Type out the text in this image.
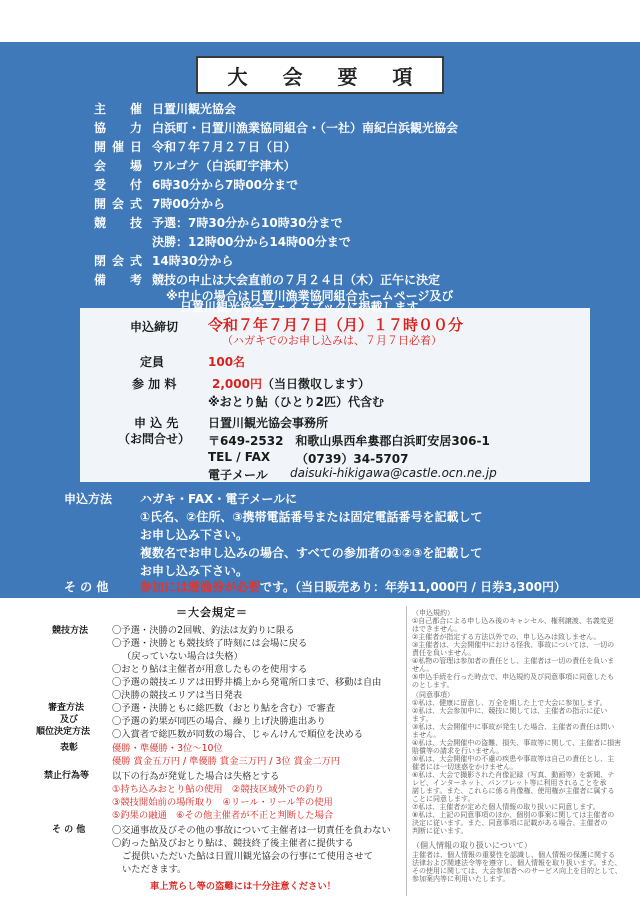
大 会 要 項
主　催 日置川観光協会
協　力 白浜町・日置川漁業協同組合・（一社）南紀白浜観光協会
開催日 令和７年７月２７日（日）
会　場 ワルゴケ（白浜町宇津木）
受　付 6時30分から7時00分まで
開会式 7時00分から
競　技 予選：7時30分から10時30分まで
決勝：12時00分から14時00分まで
閉会式 14時30分から
備　考 競技の中止は大会直前の７月２４日（木）正午に決定
※中止の場合は日置川漁業協同組合ホームページ及び
日置川観光協会フェイスブックに掲載します。
申込締切 令和７年７月７日（月）１７時００分
（ハガキでのお申し込みは、７月７日必着）
定員	100名
参 加 料	2,000円（当日徴収します）
※おとり鮎（ひとり2匹）代含む
申 込 先
（お問合せ）
日置川観光協会事務所
〒649-2532　和歌山県西牟婁郡白浜町安居306-1
TEL / FAX （0739）34-5707
電子メール daisuki-hikigawa@castle.ocn.ne.jp
申込方法 ハガキ・FAX・電子メールに
①氏名、②住所、③携帯電話番号または固定電話番号を記載して
お申し込み下さい。
複数名でお申し込みの場合、すべての参加者の①②③を記載して
お申し込み下さい。
そ の 他	参加には遊漁券が必要です。（当日販売あり：年券11,000円 / 日券3,300円）
＝大会規定＝
競技方法	〇予選・決勝の2回戦、釣法は友釣りに限る
〇予選・決勝とも競技終了時刻には会場に戻る
（戻っていない場合は失格）
〇おとり鮎は主催者が用意したものを使用する
〇予選の競技エリアは田野井橋上から発電所口まで、移動は自由
〇決勝の競技エリアは当日発表
審査方法
及び
順位決定方法
〇予選・決勝ともに総匹数（おとり鮎を含む）で審査
〇予選の釣果が同匹の場合、繰り上げ決勝進出あり
〇入賞者で総匹数が同数の場合、じゃんけんで順位を決める
表彰	優勝・準優勝・3位～10位
優勝 賞金五万円 / 準優勝 賞金三万円 / 3位 賞金二万円
禁止行為等 以下の行為が発覚した場合は失格とする
①持ち込みおとり鮎の使用　②競技区域外での釣り
③競技開始前の場所取り　④リール・リール竿の使用
⑤釣果の融通　⑥その他主催者が不正と判断した場合
そ の 他	〇交通事故及びその他の事故について主催者は一切責任を負わない
〇釣った鮎及びおとり鮎は、競技終了後主催者に提供する
ご提供いただいた鮎は日置川観光協会の行事にて使用させて
いただきます。
車上荒らし等の盗難には十分注意ください！
（申込規約）
①自己都合による申し込み後のキャンセル、権利譲渡、名義変更
はできません。
②主催者が指定する方法以外での、申し込みは致しません。
③主催者は、大会開催中における怪我、事故については、一切の
責任を負いません。
④私物の管理は参加者の責任とし、主催者は一切の責任を負いま
せん。
⑤申込手続を行った時点で、申込規約及び同意事項に同意したも
のとします。
（同意事項）
①私は、健康に留意し、万全を期した上で大会に参加します。
②私は、大会参加中に、競技に関しては、主催者の指示に従い
ます。
③私は、大会開催中に事故が発生した場合、主催者の責任は問い
ません。
④私は、大会開催中の盗難、損失、事故等に関して、主催者に損害
賠償等の請求を行いません。
⑤私は、大会開催中の不慮の疾患や事故等は自己の責任とし、主
催者には一切迷惑をかけません。
⑥私は、大会で撮影された肖像記録（写真、動画等）を新聞、テ
レビ、インターネット、パンフレット等に利用されることを承
諾します。また、これらに係る肖像権、使用権が主催者に属する
ことに同意します。
⑦私は、主催者が定めた個人情報の取り扱いに同意します。
⑧私は、上記の同意事項のほか、個別の事案に関しては主催者の
決定に従います。また、同意事項に記載がある場合、主催者の
判断に従います。
（個人情報の取り扱いについて）
主催者は、個人情報の重要性を認識し、個人情報の保護に関する
法律および関連法令等を遵守し、個人情報を取り扱います。また、
その使用に関しては、大会参加者へのサービス向上を目的として、
参加案内等に利用いたします。
